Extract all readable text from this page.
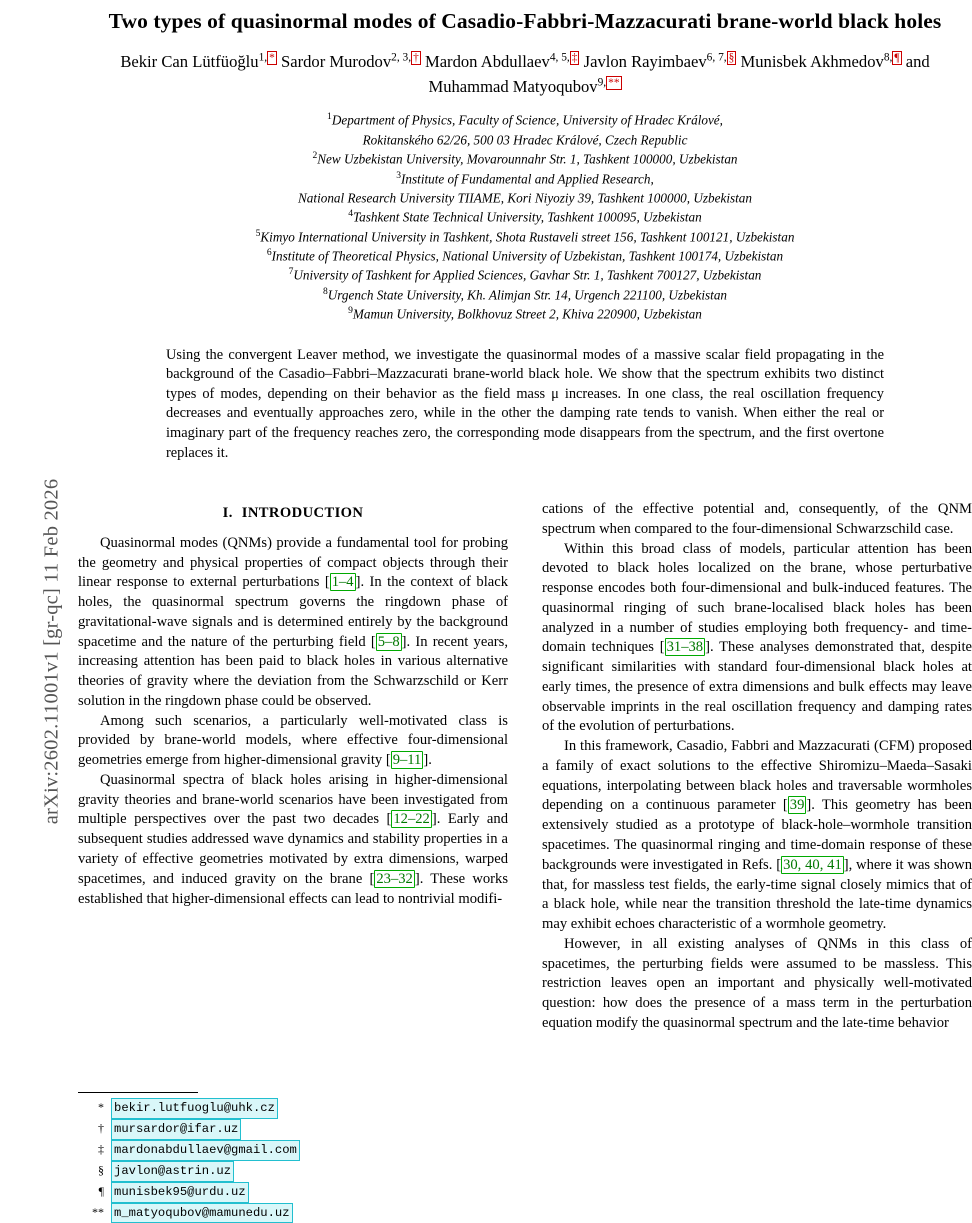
arXiv:2602.11001v1 [gr-qc] 11 Feb 2026
Two types of quasinormal modes of Casadio-Fabbri-Mazzacurati brane-world black holes
Bekir Can Lütfüoğlu$^{1,}$ * Sardor Murodov$^{2, 3,}$ † Mardon Abdullaev$^{4, 5,}$ ‡ Javlon Rayimbaev$^{6, 7,}$ § Munisbek Akhmedov$^{8,}$ ¶ and Muhammad Matyoqubov$^{9,}$ **
$^1$Department of Physics, Faculty of Science, University of Hradec Králové,
Rokitanského 62/26, 500 03 Hradec Králové, Czech Republic
$^2$New Uzbekistan University, Movarounnahr Str. 1, Tashkent 100000, Uzbekistan
$^3$Institute of Fundamental and Applied Research,
National Research University TIIAME, Kori Niyoziy 39, Tashkent 100000, Uzbekistan
$^4$Tashkent State Technical University, Tashkent 100095, Uzbekistan
$^5$Kimyo International University in Tashkent, Shota Rustaveli street 156, Tashkent 100121, Uzbekistan
$^6$Institute of Theoretical Physics, National University of Uzbekistan, Tashkent 100174, Uzbekistan
$^7$University of Tashkent for Applied Sciences, Gavhar Str. 1, Tashkent 700127, Uzbekistan
$^8$Urgench State University, Kh. Alimjan Str. 14, Urgench 221100, Uzbekistan
$^9$Mamun University, Bolkhovuz Street 2, Khiva 220900, Uzbekistan
Using the convergent Leaver method, we investigate the quasinormal modes of a massive scalar field propagating in the background of the Casadio–Fabbri–Mazzacurati brane-world black hole. We show that the spectrum exhibits two distinct types of modes, depending on their behavior as the field mass μ increases. In one class, the real oscillation frequency decreases and eventually approaches zero, while in the other the damping rate tends to vanish. When either the real or imaginary part of the frequency reaches zero, the corresponding mode disappears from the spectrum, and the first overtone replaces it.
I. INTRODUCTION

Quasinormal modes (QNMs) provide a fundamental tool for probing the geometry and physical properties of compact objects through their linear response to external perturbations [ 1–4 ]. In the context of black holes, the quasinormal spectrum governs the ringdown phase of gravitational-wave signals and is determined entirely by the background spacetime and the nature of the perturbing field [ 5–8 ]. In recent years, increasing attention has been paid to black holes in various alternative theories of gravity where the deviation from the Schwarzschild or Kerr solution in the ringdown phase could be observed.

Among such scenarios, a particularly well-motivated class is provided by brane-world models, where effective four-dimensional geometries emerge from higher-dimensional gravity [ 9–11 ].

Quasinormal spectra of black holes arising in higher-dimensional gravity theories and brane-world scenarios have been investigated from multiple perspectives over the past two decades [ 12–22 ]. Early and subsequent studies addressed wave dynamics and stability properties in a variety of effective geometries motivated by extra dimensions, warped spacetimes, and induced gravity on the brane [ 23–32 ]. These works established that higher-dimensional effects can lead to nontrivial modifi-

cations of the effective potential and, consequently, of the QNM spectrum when compared to the four-dimensional Schwarzschild case.

Within this broad class of models, particular attention has been devoted to black holes localized on the brane, whose perturbative response encodes both four-dimensional and bulk-induced features. The quasinormal ringing of such brane-localised black holes has been analyzed in a number of studies employing both frequency- and time-domain techniques [ 31–38 ]. These analyses demonstrated that, despite significant similarities with standard four-dimensional black holes at early times, the presence of extra dimensions and bulk effects may leave observable imprints in the real oscillation frequency and damping rates of the evolution of perturbations.

In this framework, Casadio, Fabbri and Mazzacurati (CFM) proposed a family of exact solutions to the effective Shiromizu–Maeda–Sasaki equations, interpolating between black holes and traversable wormholes depending on a continuous parameter [ 39 ]. This geometry has been extensively studied as a prototype of black-hole–wormhole transition spacetimes. The quasinormal ringing and time-domain response of these backgrounds were investigated in Refs. [ 30, 40, 41 ], where it was shown that, for massless test fields, the early-time signal closely mimics that of a black hole, while near the transition threshold the late-time dynamics may exhibit echoes characteristic of a wormhole geometry.

However, in all existing analyses of QNMs in this class of spacetimes, the perturbing fields were assumed to be massless. This restriction leaves open an important and physically well-motivated question: how does the presence of a mass term in the perturbation equation modify the quasinormal spectrum and the late-time behavior

* bekir.lutfuoglu@uhk.cz
† mursardor@ifar.uz
‡ mardonabdullaev@gmail.com
§ javlon@astrin.uz
¶ munisbek95@urdu.uz
** m_matyoqubov@mamunedu.uz
